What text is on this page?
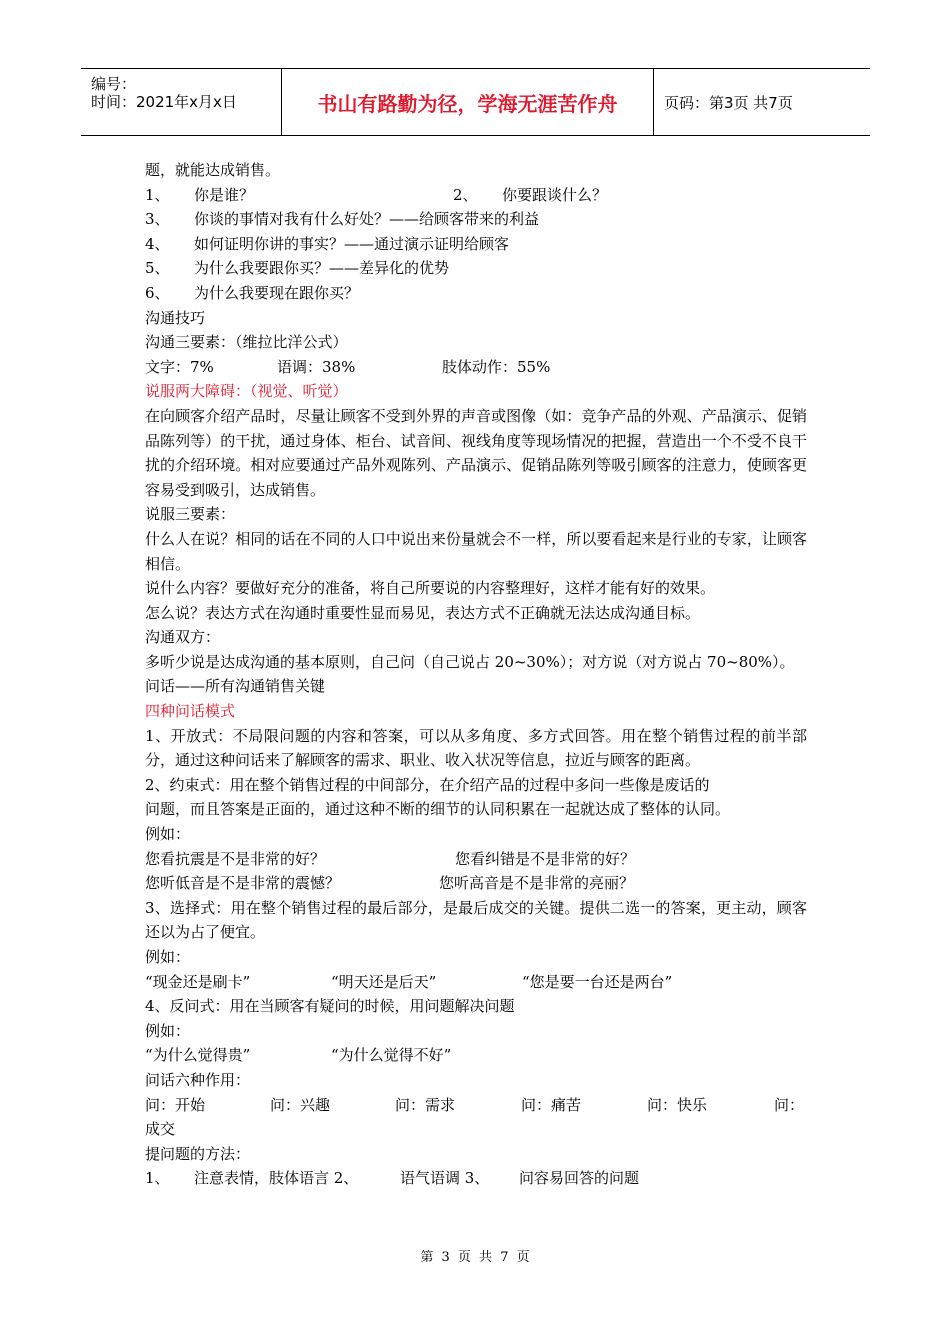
编号：
时间：2021年x月x日	书山有路勤为径，学海无涯苦作舟	页码：第3页 共7页
题，就能达成销售。
1、 你是谁？	2、 你要跟谈什么？
3、 你谈的事情对我有什么好处？——给顾客带来的利益
4、 如何证明你讲的事实？——通过演示证明给顾客
5、 为什么我要跟你买？——差异化的优势
6、 为什么我要现在跟你买？
沟通技巧
沟通三要素：（维拉比洋公式）
文字：7%	语调：38%	肢体动作：55%
说服两大障碍：（视觉、听觉）
在向顾客介绍产品时，尽量让顾客不受到外界的声音或图像（如：竞争产品的外观、产品演示、促销品陈列等）的干扰，通过身体、柜台、试音间、视线角度等现场情况的把握，营造出一个不受不良干扰的介绍环境。相对应要通过产品外观陈列、产品演示、促销品陈列等吸引顾客的注意力，使顾客更容易受到吸引，达成销售。
说服三要素：
什么人在说？相同的话在不同的人口中说出来份量就会不一样，所以要看起来是行业的专家，让顾客相信。
说什么内容？要做好充分的准备，将自己所要说的内容整理好，这样才能有好的效果。
怎么说？表达方式在沟通时重要性显而易见，表达方式不正确就无法达成沟通目标。
沟通双方：
多听少说是达成沟通的基本原则，自己问（自己说占 20~30%）；对方说（对方说占 70~80%）。
问话——所有沟通销售关键
四种问话模式
1、开放式：不局限问题的内容和答案，可以从多角度、多方式回答。用在整个销售过程的前半部分，通过这种问话来了解顾客的需求、职业、收入状况等信息，拉近与顾客的距离。
2、约束式：用在整个销售过程的中间部分，在介绍产品的过程中多问一些像是废话的
问题，而且答案是正面的，通过这种不断的细节的认同积累在一起就达成了整体的认同。
例如：
您看抗震是不是非常的好？	您看纠错是不是非常的好？
您听低音是不是非常的震憾？	您听高音是不是非常的亮丽？
3、选择式：用在整个销售过程的最后部分，是最后成交的关键。提供二选一的答案，更主动，顾客还以为占了便宜。
例如：
“现金还是刷卡”	“明天还是后天”	“您是要一台还是两台”
4、反问式：用在当顾客有疑问的时候，用问题解决问题
例如：
“为什么觉得贵”	“为什么觉得不好”
问话六种作用：
问：开始	问：兴趣	问：需求	问：痛苦	问：快乐	问：
成交
提问题的方法：
1、 注意表情，肢体语言 2、	语气语调 3、 问容易回答的问题
第 3 页 共 7 页
